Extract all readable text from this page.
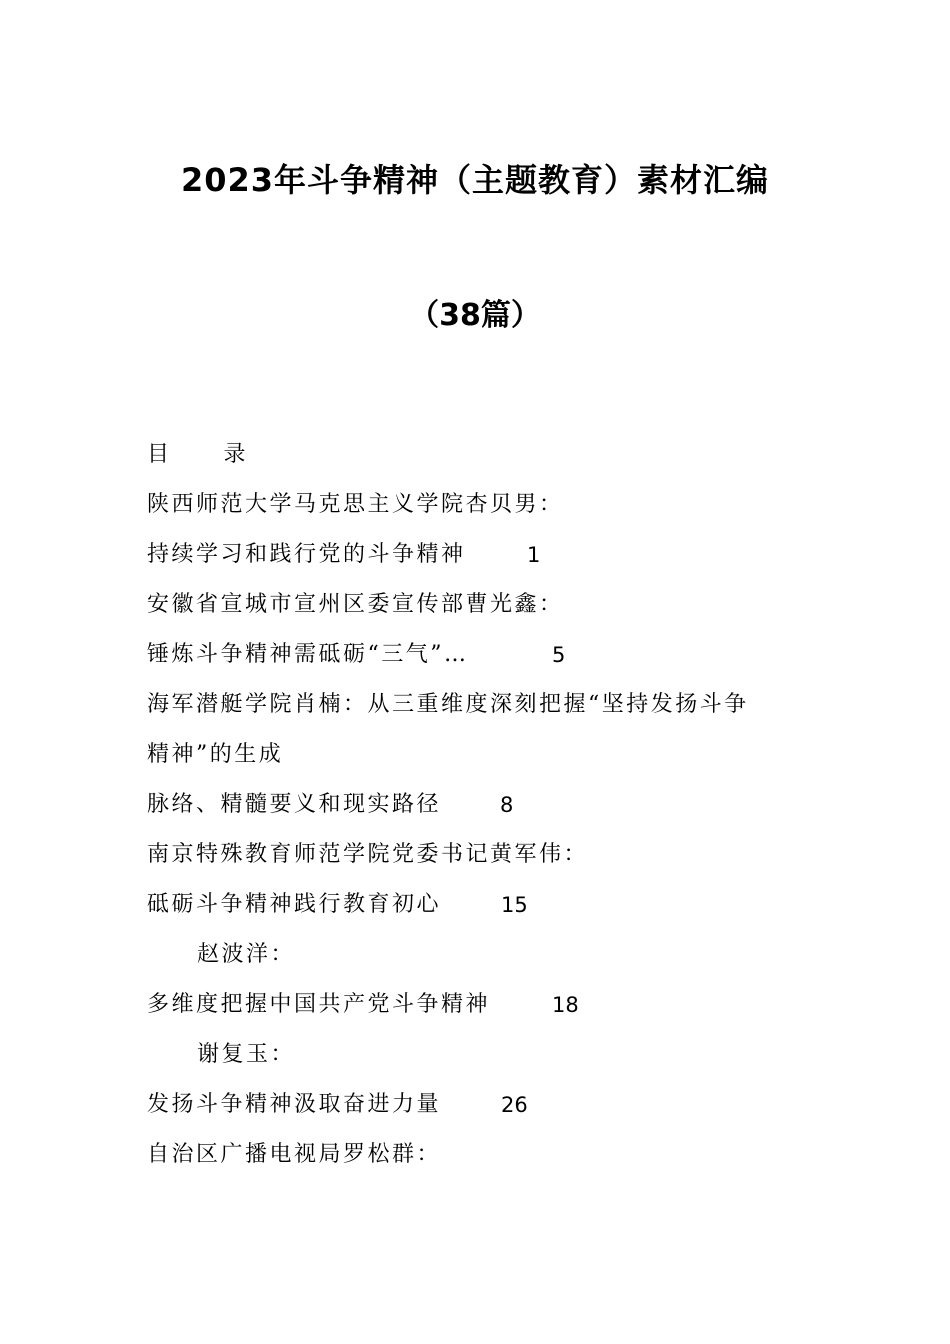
2023年斗争精神（主题教育）素材汇编
（38篇）
目 录
陕西师范大学马克思主义学院杏贝男：
持续学习和践行党的斗争精神	1
安徽省宣城市宣州区委宣传部曹光鑫：
锤炼斗争精神需砥砺“三气”…	5
海军潜艇学院肖楠：从三重维度深刻把握“坚持发扬斗争
精神”的生成
脉络、精髓要义和现实路径	8
南京特殊教育师范学院党委书记黄军伟：
砥砺斗争精神践行教育初心	15
赵波洋：
多维度把握中国共产党斗争精神	18
谢复玉：
发扬斗争精神汲取奋进力量	26
自治区广播电视局罗松群：
